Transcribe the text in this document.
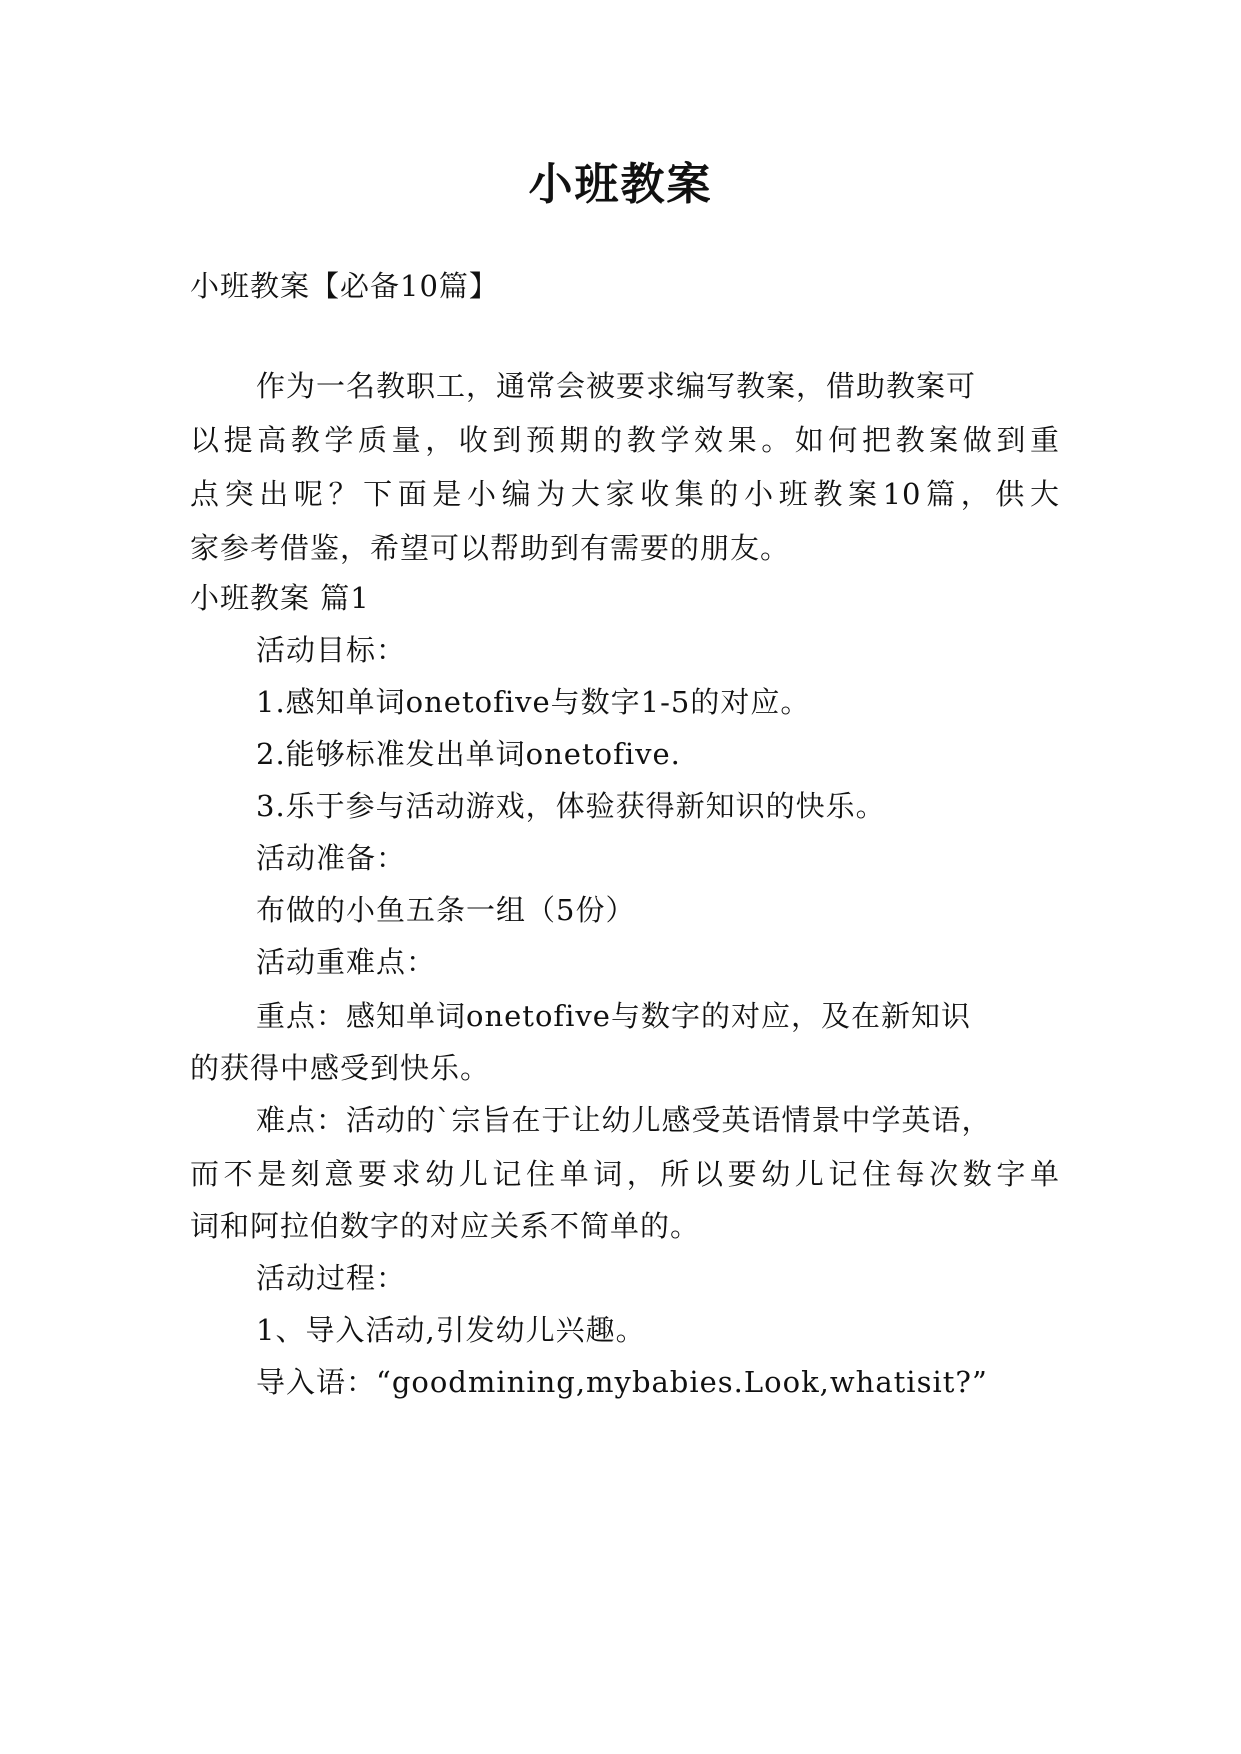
小班教案
小班教案【必备10篇】
作为一名教职工，通常会被要求编写教案，借助教案可
以提高教学质量，收到预期的教学效果。如何把教案做到重
点突出呢？下面是小编为大家收集的小班教案10篇，供大
家参考借鉴，希望可以帮助到有需要的朋友。
小班教案 篇1
活动目标：
1.感知单词onetofive与数字1-5的对应。
2.能够标准发出单词onetofive.
3.乐于参与活动游戏，体验获得新知识的快乐。
活动准备：
布做的小鱼五条一组（5份）
活动重难点：
重点：感知单词onetofive与数字的对应，及在新知识
的获得中感受到快乐。
难点：活动的`宗旨在于让幼儿感受英语情景中学英语，
而不是刻意要求幼儿记住单词，所以要幼儿记住每次数字单
词和阿拉伯数字的对应关系不简单的。
活动过程：
1、导入活动,引发幼儿兴趣。
导入语：“goodmining,mybabies.Look,whatisit?”
